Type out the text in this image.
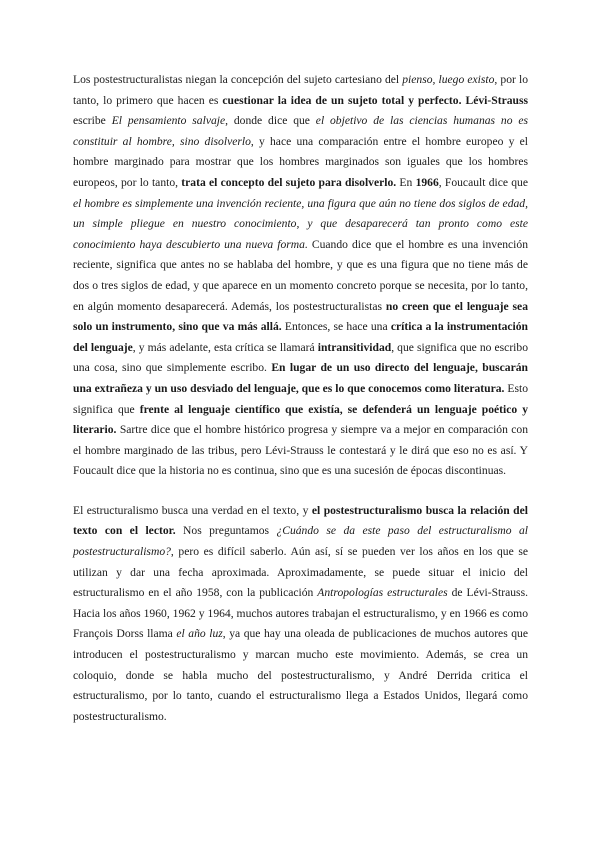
Los postestructuralistas niegan la concepción del sujeto cartesiano del pienso, luego existo, por lo tanto, lo primero que hacen es cuestionar la idea de un sujeto total y perfecto. Lévi-Strauss escribe El pensamiento salvaje, donde dice que el objetivo de las ciencias humanas no es constituir al hombre, sino disolverlo, y hace una comparación entre el hombre europeo y el hombre marginado para mostrar que los hombres marginados son iguales que los hombres europeos, por lo tanto, trata el concepto del sujeto para disolverlo. En 1966, Foucault dice que el hombre es simplemente una invención reciente, una figura que aún no tiene dos siglos de edad, un simple pliegue en nuestro conocimiento, y que desaparecerá tan pronto como este conocimiento haya descubierto una nueva forma. Cuando dice que el hombre es una invención reciente, significa que antes no se hablaba del hombre, y que es una figura que no tiene más de dos o tres siglos de edad, y que aparece en un momento concreto porque se necesita, por lo tanto, en algún momento desaparecerá. Además, los postestructuralistas no creen que el lenguaje sea solo un instrumento, sino que va más allá. Entonces, se hace una crítica a la instrumentación del lenguaje, y más adelante, esta crítica se llamará intransitividad, que significa que no escribo una cosa, sino que simplemente escribo. En lugar de un uso directo del lenguaje, buscarán una extrañeza y un uso desviado del lenguaje, que es lo que conocemos como literatura. Esto significa que frente al lenguaje científico que existía, se defenderá un lenguaje poético y literario. Sartre dice que el hombre histórico progresa y siempre va a mejor en comparación con el hombre marginado de las tribus, pero Lévi-Strauss le contestará y le dirá que eso no es así. Y Foucault dice que la historia no es continua, sino que es una sucesión de épocas discontinuas.

El estructuralismo busca una verdad en el texto, y el postestructuralismo busca la relación del texto con el lector. Nos preguntamos ¿Cuándo se da este paso del estructuralismo al postestructuralismo?, pero es difícil saberlo. Aún así, sí se pueden ver los años en los que se utilizan y dar una fecha aproximada. Aproximadamente, se puede situar el inicio del estructuralismo en el año 1958, con la publicación Antropologías estructurales de Lévi-Strauss. Hacia los años 1960, 1962 y 1964, muchos autores trabajan el estructuralismo, y en 1966 es como François Dorss llama el año luz, ya que hay una oleada de publicaciones de muchos autores que introducen el postestructuralismo y marcan mucho este movimiento. Además, se crea un coloquio, donde se habla mucho del postestructuralismo, y André Derrida critica el estructuralismo, por lo tanto, cuando el estructuralismo llega a Estados Unidos, llegará como postestructuralismo.
